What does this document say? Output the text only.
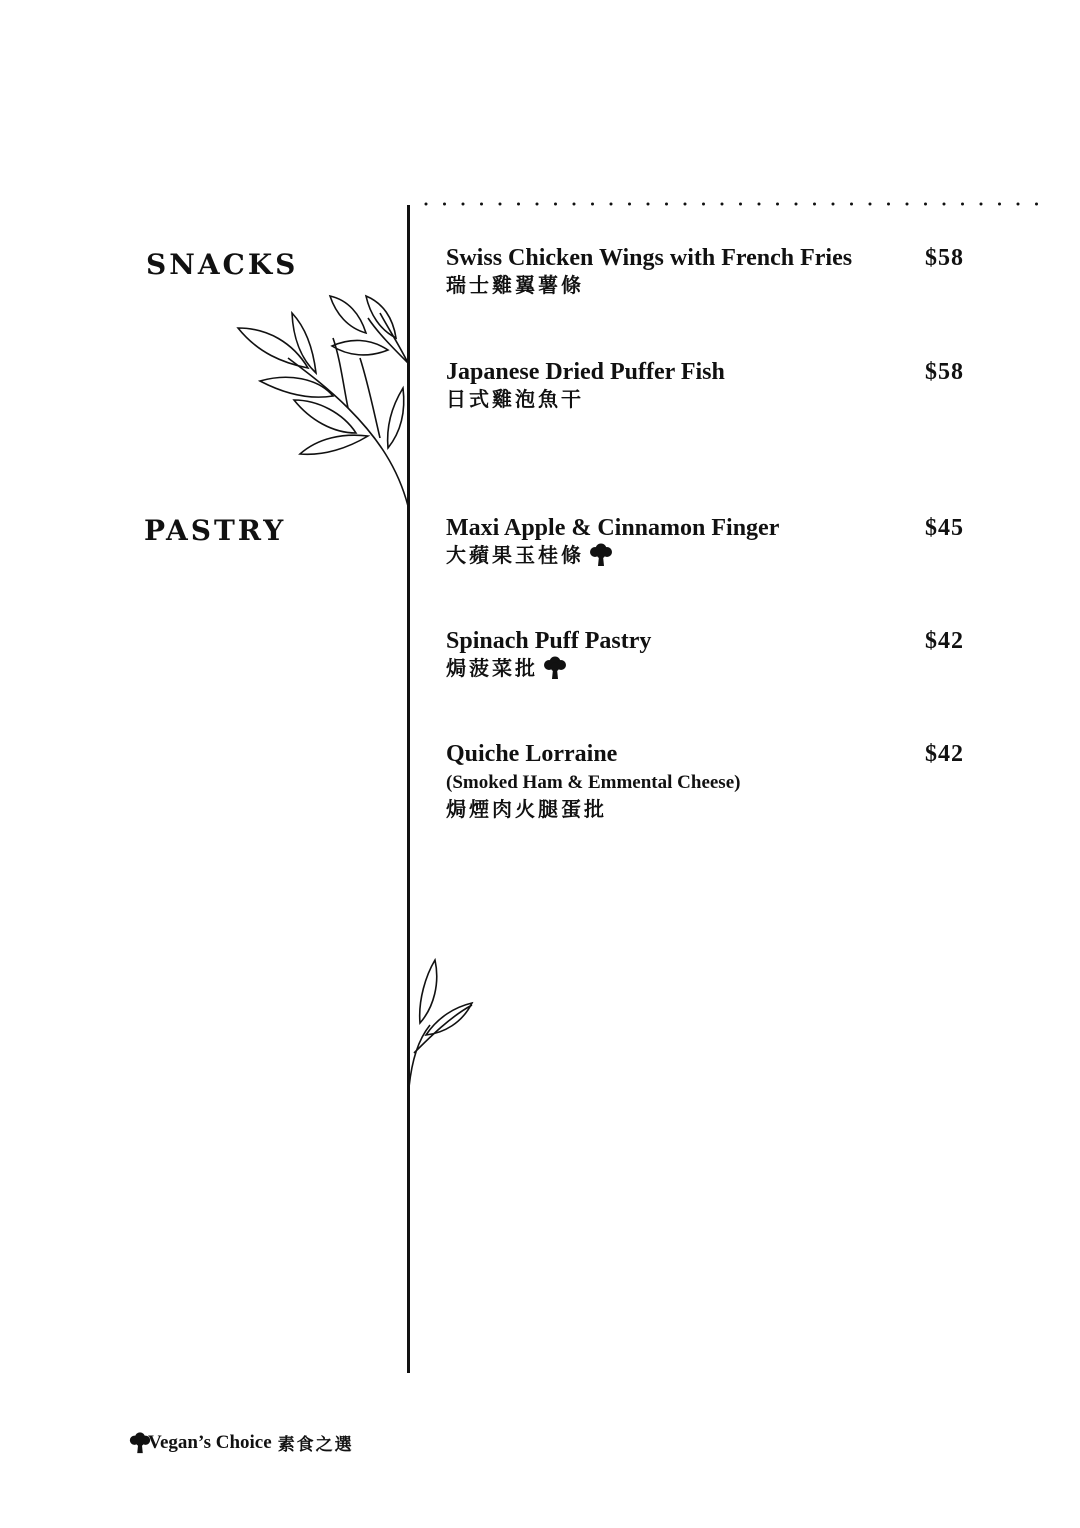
SNACKS
PASTRY
Swiss Chicken Wings with French Fries	$58
瑞士雞翼薯條
Japanese Dried Puffer Fish	$58
日式雞泡魚干
Maxi Apple & Cinnamon Finger	$45
大蘋果玉桂條
Spinach Puff Pastry	$42
焗菠菜批
Quiche Lorraine	$42
(Smoked Ham & Emmental Cheese)
焗煙肉火腿蛋批
Vegan’s Choice 素食之選
